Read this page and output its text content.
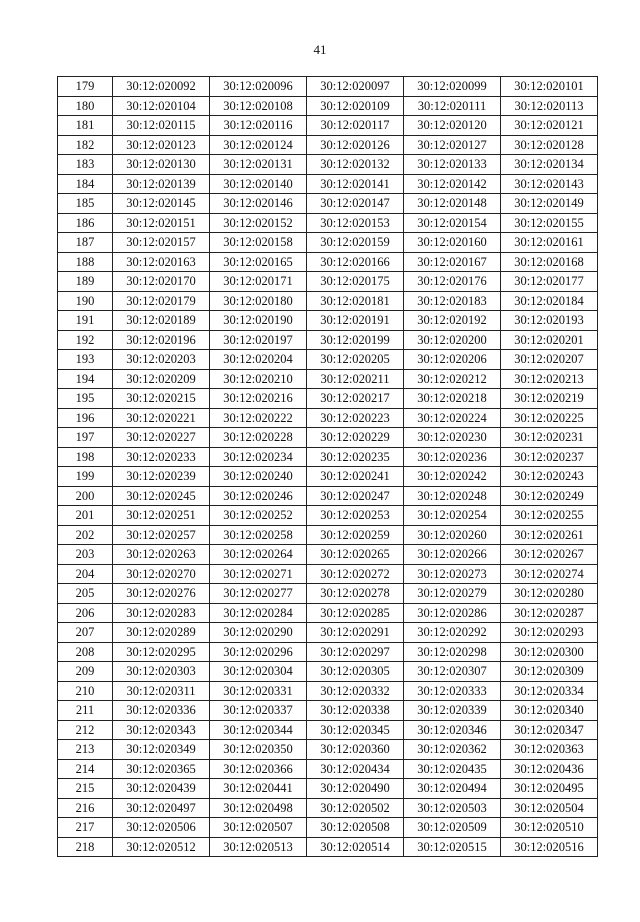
41
179	30:12:020092	30:12:020096	30:12:020097	30:12:020099	30:12:020101
180	30:12:020104	30:12:020108	30:12:020109	30:12:020111	30:12:020113
181	30:12:020115	30:12:020116	30:12:020117	30:12:020120	30:12:020121
182	30:12:020123	30:12:020124	30:12:020126	30:12:020127	30:12:020128
183	30:12:020130	30:12:020131	30:12:020132	30:12:020133	30:12:020134
184	30:12:020139	30:12:020140	30:12:020141	30:12:020142	30:12:020143
185	30:12:020145	30:12:020146	30:12:020147	30:12:020148	30:12:020149
186	30:12:020151	30:12:020152	30:12:020153	30:12:020154	30:12:020155
187	30:12:020157	30:12:020158	30:12:020159	30:12:020160	30:12:020161
188	30:12:020163	30:12:020165	30:12:020166	30:12:020167	30:12:020168
189	30:12:020170	30:12:020171	30:12:020175	30:12:020176	30:12:020177
190	30:12:020179	30:12:020180	30:12:020181	30:12:020183	30:12:020184
191	30:12:020189	30:12:020190	30:12:020191	30:12:020192	30:12:020193
192	30:12:020196	30:12:020197	30:12:020199	30:12:020200	30:12:020201
193	30:12:020203	30:12:020204	30:12:020205	30:12:020206	30:12:020207
194	30:12:020209	30:12:020210	30:12:020211	30:12:020212	30:12:020213
195	30:12:020215	30:12:020216	30:12:020217	30:12:020218	30:12:020219
196	30:12:020221	30:12:020222	30:12:020223	30:12:020224	30:12:020225
197	30:12:020227	30:12:020228	30:12:020229	30:12:020230	30:12:020231
198	30:12:020233	30:12:020234	30:12:020235	30:12:020236	30:12:020237
199	30:12:020239	30:12:020240	30:12:020241	30:12:020242	30:12:020243
200	30:12:020245	30:12:020246	30:12:020247	30:12:020248	30:12:020249
201	30:12:020251	30:12:020252	30:12:020253	30:12:020254	30:12:020255
202	30:12:020257	30:12:020258	30:12:020259	30:12:020260	30:12:020261
203	30:12:020263	30:12:020264	30:12:020265	30:12:020266	30:12:020267
204	30:12:020270	30:12:020271	30:12:020272	30:12:020273	30:12:020274
205	30:12:020276	30:12:020277	30:12:020278	30:12:020279	30:12:020280
206	30:12:020283	30:12:020284	30:12:020285	30:12:020286	30:12:020287
207	30:12:020289	30:12:020290	30:12:020291	30:12:020292	30:12:020293
208	30:12:020295	30:12:020296	30:12:020297	30:12:020298	30:12:020300
209	30:12:020303	30:12:020304	30:12:020305	30:12:020307	30:12:020309
210	30:12:020311	30:12:020331	30:12:020332	30:12:020333	30:12:020334
211	30:12:020336	30:12:020337	30:12:020338	30:12:020339	30:12:020340
212	30:12:020343	30:12:020344	30:12:020345	30:12:020346	30:12:020347
213	30:12:020349	30:12:020350	30:12:020360	30:12:020362	30:12:020363
214	30:12:020365	30:12:020366	30:12:020434	30:12:020435	30:12:020436
215	30:12:020439	30:12:020441	30:12:020490	30:12:020494	30:12:020495
216	30:12:020497	30:12:020498	30:12:020502	30:12:020503	30:12:020504
217	30:12:020506	30:12:020507	30:12:020508	30:12:020509	30:12:020510
218	30:12:020512	30:12:020513	30:12:020514	30:12:020515	30:12:020516
